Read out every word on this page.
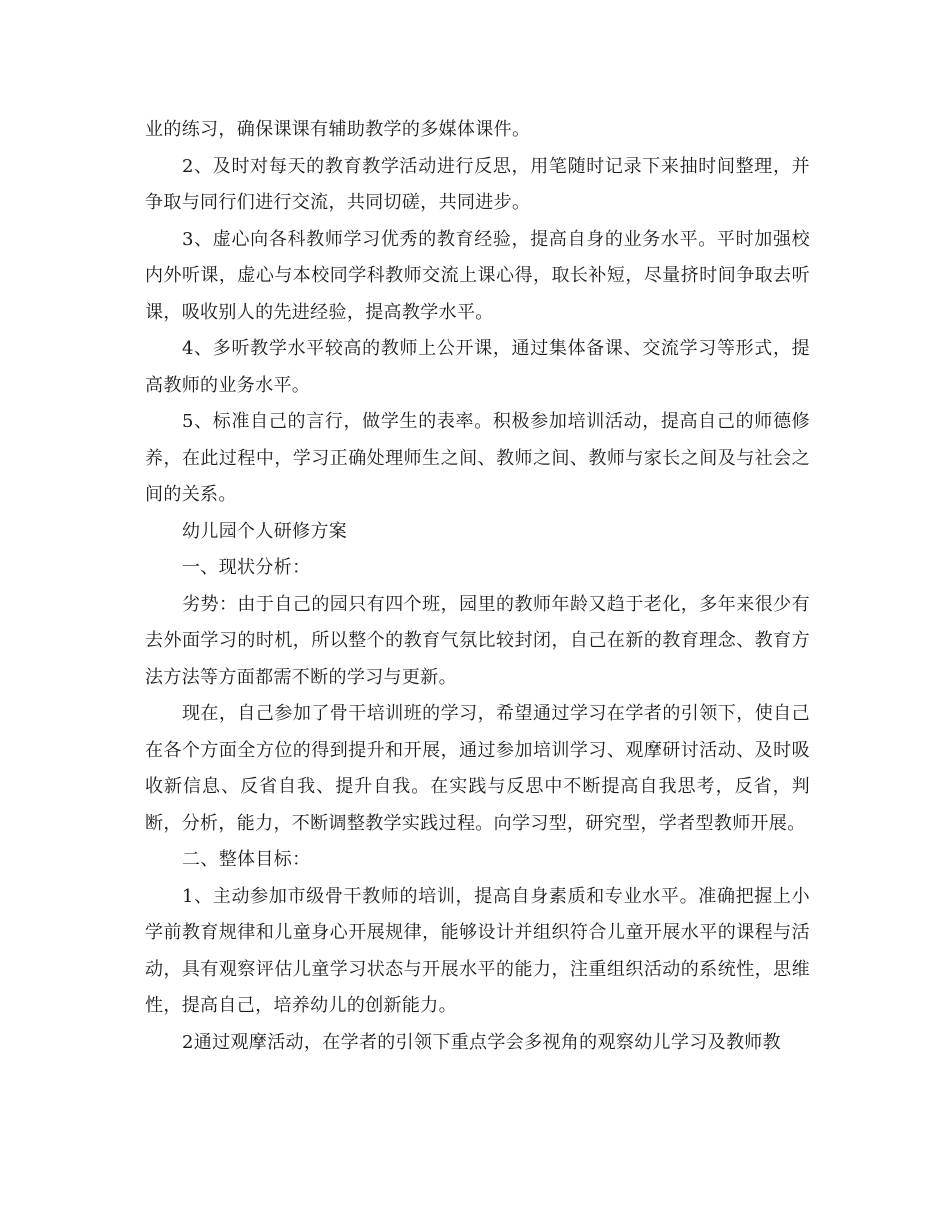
业的练习，确保课课有辅助教学的多媒体课件。

2、及时对每天的教育教学活动进行反思，用笔随时记录下来抽时间整理，并争取与同行们进行交流，共同切磋，共同进步。

3、虚心向各科教师学习优秀的教育经验，提高自身的业务水平。平时加强校内外听课，虚心与本校同学科教师交流上课心得，取长补短，尽量挤时间争取去听课，吸收别人的先进经验，提高教学水平。

4、多听教学水平较高的教师上公开课，通过集体备课、交流学习等形式，提高教师的业务水平。

5、标准自己的言行，做学生的表率。积极参加培训活动，提高自己的师德修养，在此过程中，学习正确处理师生之间、教师之间、教师与家长之间及与社会之间的关系。

幼儿园个人研修方案

一、现状分析：

劣势：由于自己的园只有四个班，园里的教师年龄又趋于老化，多年来很少有去外面学习的时机，所以整个的教育气氛比较封闭，自己在新的教育理念、教育方法方法等方面都需不断的学习与更新。

现在，自己参加了骨干培训班的学习，希望通过学习在学者的引领下，使自己在各个方面全方位的得到提升和开展，通过参加培训学习、观摩研讨活动、及时吸收新信息、反省自我、提升自我。在实践与反思中不断提高自我思考，反省，判断，分析，能力，不断调整教学实践过程。向学习型，研究型，学者型教师开展。

二、整体目标：

1、主动参加市级骨干教师的培训，提高自身素质和专业水平。准确把握上小学前教育规律和儿童身心开展规律，能够设计并组织符合儿童开展水平的课程与活动，具有观察评估儿童学习状态与开展水平的能力，注重组织活动的系统性，思维性，提高自己，培养幼儿的创新能力。

2通过观摩活动，在学者的引领下重点学会多视角的观察幼儿学习及教师教
